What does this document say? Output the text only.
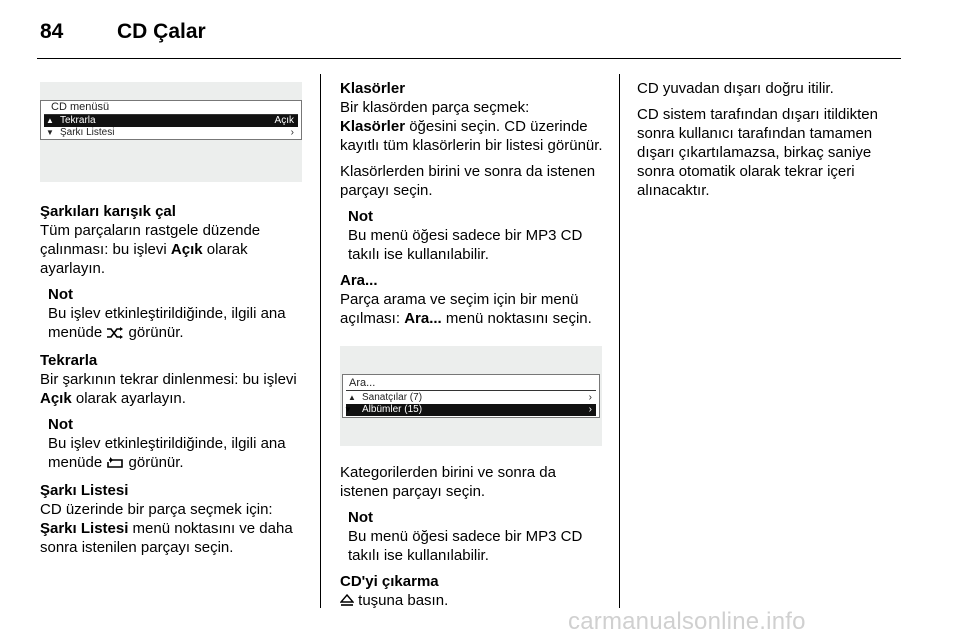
84	CD Çalar
CD menüsü
▲ Tekrarla	Açık
▼ Şarkı Listesi	›

Şarkıları karışık çal

Tüm parçaların rastgele düzende çalınması: bu işlevi Açık olarak ayarlayın.

Not
Bu işlev etkinleştirildiğinde, ilgili ana menüde  görünür.

Tekrarla

Bir şarkının tekrar dinlenmesi: bu işlevi Açık olarak ayarlayın.

Not
Bu işlev etkinleştirildiğinde, ilgili ana menüde  görünür.

Şarkı Listesi

CD üzerinde bir parça seçmek için: Şarkı Listesi menü noktasını ve daha sonra istenilen parçayı seçin.

Klasörler

Bir klasörden parça seçmek:

Klasörler öğesini seçin. CD üzerinde kayıtlı tüm klasörlerin bir listesi görünür.

Klasörlerden birini ve sonra da istenen parçayı seçin.

Not
Bu menü öğesi sadece bir MP3 CD takılı ise kullanılabilir.

Ara...

Parça arama ve seçim için bir menü açılması: Ara... menü noktasını seçin.

Ara...
▲ Sanatçılar (7)	›
▼ Albümler (15)	›

Kategorilerden birini ve sonra da istenen parçayı seçin.

Not
Bu menü öğesi sadece bir MP3 CD takılı ise kullanılabilir.

CD'yi çıkarma

tuşuna basın.

CD yuvadan dışarı doğru itilir.

CD sistem tarafından dışarı itildikten sonra kullanıcı tarafından tamamen dışarı çıkartılamazsa, birkaç saniye sonra otomatik olarak tekrar içeri alınacaktır.

carmanualsonline.info
